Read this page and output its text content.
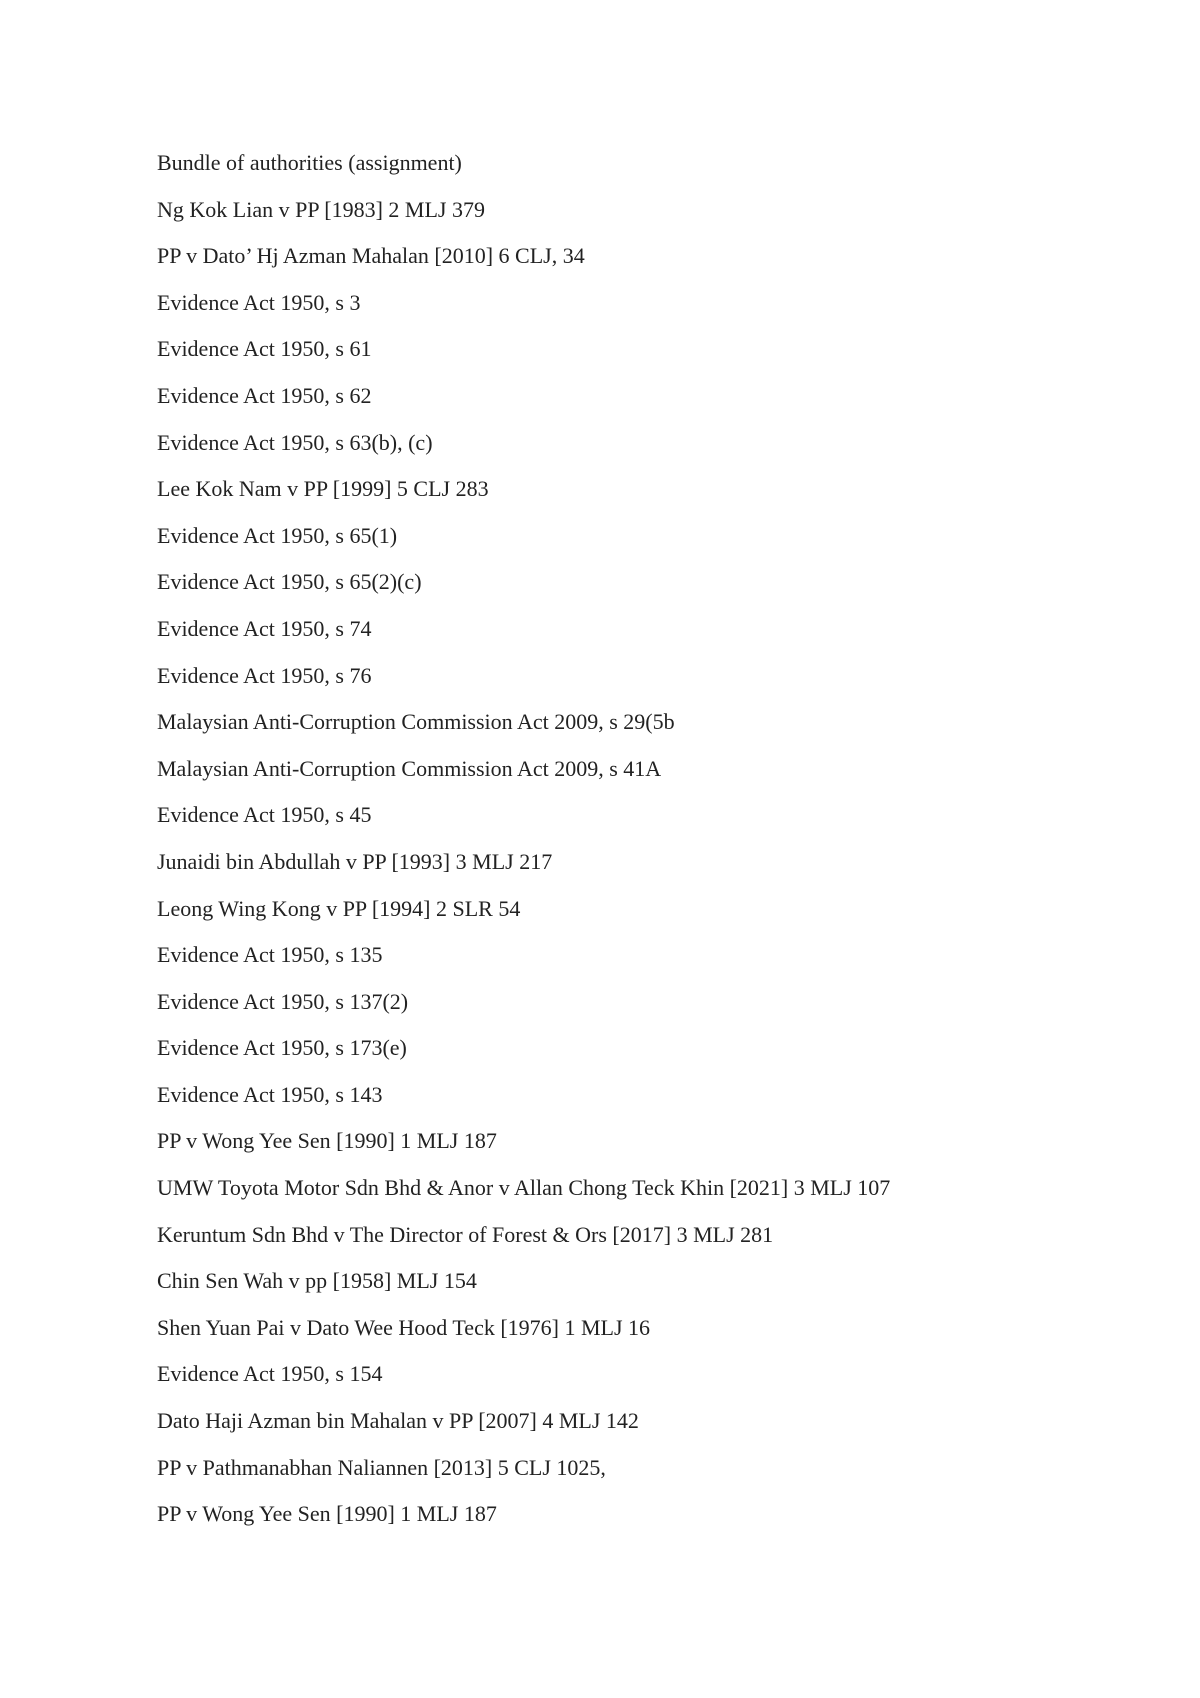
Bundle of authorities (assignment)
Ng Kok Lian v PP [1983] 2 MLJ 379
PP v Dato’ Hj Azman Mahalan [2010] 6 CLJ, 34
Evidence Act 1950, s 3
Evidence Act 1950, s 61
Evidence Act 1950, s 62
Evidence Act 1950, s 63(b), (c)
Lee Kok Nam v PP [1999] 5 CLJ 283
Evidence Act 1950, s 65(1)
Evidence Act 1950, s 65(2)(c)
Evidence Act 1950, s 74
Evidence Act 1950, s 76
Malaysian Anti-Corruption Commission Act 2009, s 29(5b
Malaysian Anti-Corruption Commission Act 2009, s 41A
Evidence Act 1950, s 45
Junaidi bin Abdullah v PP [1993] 3 MLJ 217
Leong Wing Kong v PP [1994] 2 SLR 54
Evidence Act 1950, s 135
Evidence Act 1950, s 137(2)
Evidence Act 1950, s 173(e)
Evidence Act 1950, s 143
PP v Wong Yee Sen [1990] 1 MLJ 187
UMW Toyota Motor Sdn Bhd & Anor v Allan Chong Teck Khin [2021] 3 MLJ 107
Keruntum Sdn Bhd v The Director of Forest & Ors [2017] 3 MLJ 281
Chin Sen Wah v pp [1958] MLJ 154
Shen Yuan Pai v Dato Wee Hood Teck [1976] 1 MLJ 16
Evidence Act 1950, s 154
Dato Haji Azman bin Mahalan v PP [2007] 4 MLJ 142
PP v Pathmanabhan Naliannen [2013] 5 CLJ 1025,
PP v Wong Yee Sen [1990] 1 MLJ 187
